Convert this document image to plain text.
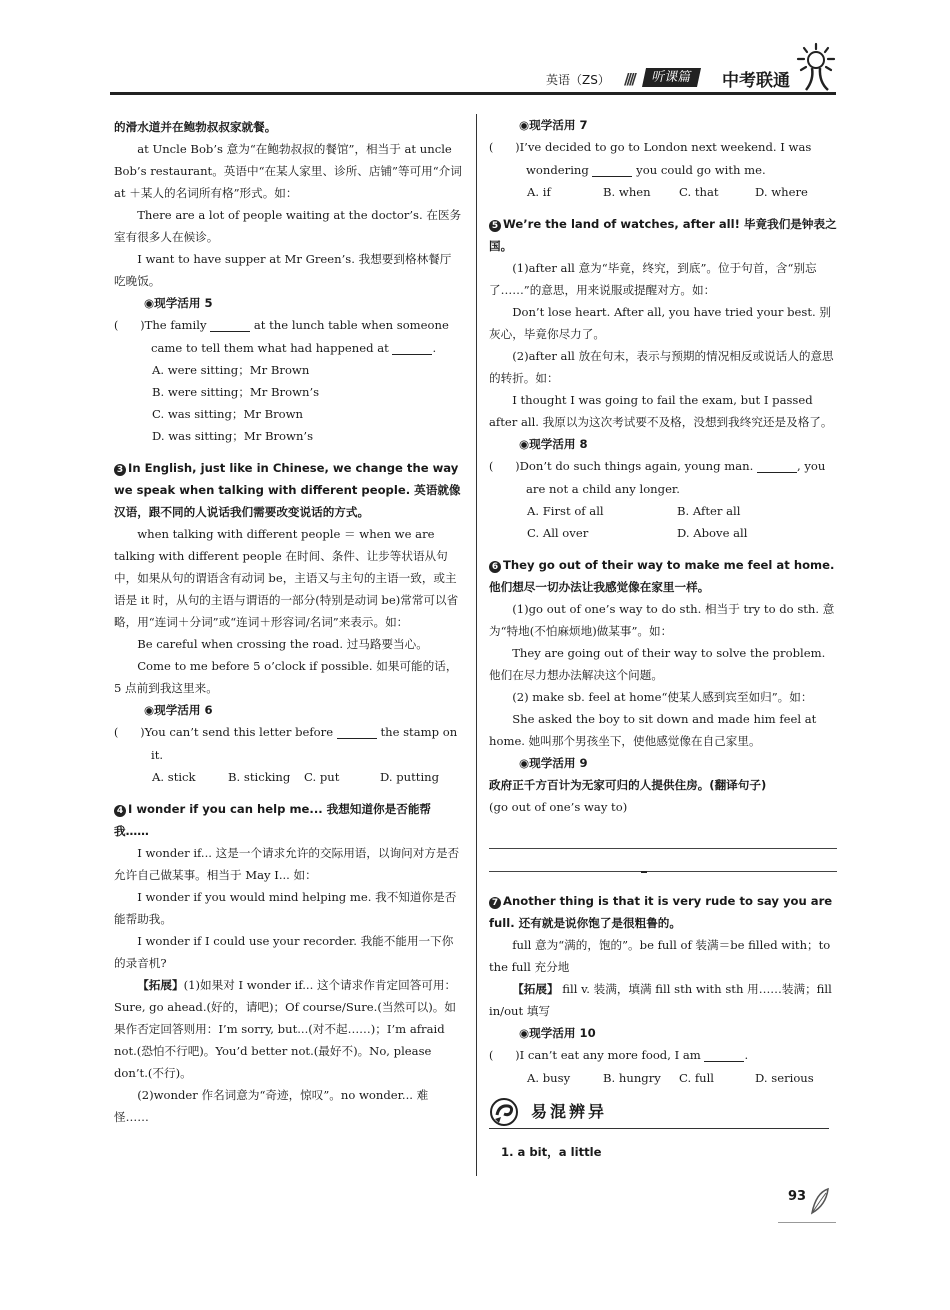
英语（ZS） ////	听课篇	中考联通

的滑水道并在鲍勃叔叔家就餐。

at Uncle Bob’s 意为“在鲍勃叔叔的餐馆”，相当于 at uncle Bob’s restaurant。英语中“在某人家里、诊所、店铺”等可用“介词 at ＋某人的名词所有格”形式。如：

There are a lot of people waiting at the doctor’s. 在医务室有很多人在候诊。

I want to have supper at Mr Green’s. 我想要到格林餐厅吃晚饭。

◉现学活用 5

(　　)The family	at the lunch table when someone came to tell them what had happened at	.

A. were sitting；Mr Brown

B. were sitting；Mr Brown’s

C. was sitting；Mr Brown

D. was sitting；Mr Brown’s

3 In English, just like in Chinese, we change the way we speak when talking with different people. 英语就像汉语，跟不同的人说话我们需要改变说话的方式。

when talking with different people ＝ when we are talking with different people 在时间、条件、让步等状语从句中，如果从句的谓语含有动词 be，主语又与主句的主语一致，或主语是 it 时，从句的主语与谓语的一部分(特别是动词 be)常常可以省略，用“连词＋分词”或“连词＋形容词/名词”来表示。如：

Be careful when crossing the road. 过马路要当心。

Come to me before 5 o’clock if possible. 如果可能的话，5 点前到我这里来。

◉现学活用 6

(　　)You can’t send this letter before	the stamp on it.

A. stick	B. sticking	C. put	D. putting

4 I wonder if you can help me... 我想知道你是否能帮我……

I wonder if... 这是一个请求允许的交际用语，以询问对方是否允许自己做某事。相当于 May I... 如：

I wonder if you would mind helping me. 我不知道你是否能帮助我。

I wonder if I could use your recorder. 我能不能用一下你的录音机?

【拓展】(1)如果对 I wonder if... 这个请求作肯定回答可用：Sure, go ahead.(好的，请吧)；Of course/Sure.(当然可以)。如果作否定回答则用：I’m sorry, but...(对不起……)；I’m afraid not.(恐怕不行吧)。You’d better not.(最好不)。No, please don’t.(不行)。

(2)wonder 作名词意为“奇迹，惊叹”。no wonder... 难怪……

◉现学活用 7

(　　)I’ve decided to go to London next weekend. I was wondering	you could go with me.

A. if	B. when	C. that	D. where

5 We’re the land of watches, after all! 毕竟我们是钟表之国。

(1)after all 意为“毕竟，终究，到底”。位于句首，含“别忘了……”的意思，用来说服或提醒对方。如：

Don’t lose heart. After all, you have tried your best. 别灰心，毕竟你尽力了。

(2)after all 放在句末，表示与预期的情况相反或说话人的意思的转折。如：

I thought I was going to fail the exam, but I passed after all. 我原以为这次考试要不及格，没想到我终究还是及格了。

◉现学活用 8

(　　)Don’t do such things again, young man.	, you are not a child any longer.

A. First of all	B. After all

C. All over	D. Above all

6 They go out of their way to make me feel at home. 他们想尽一切办法让我感觉像在家里一样。

(1)go out of one’s way to do sth. 相当于 try to do sth. 意为“特地(不怕麻烦地)做某事”。如：

They are going out of their way to solve the problem. 他们在尽力想办法解决这个问题。

(2) make sb. feel at home“使某人感到宾至如归”。如：

She asked the boy to sit down and made him feel at home. 她叫那个男孩坐下，使他感觉像在自己家里。

◉现学活用 9

政府正千方百计为无家可归的人提供住房。(翻译句子)

(go out of one’s way to)

7 Another thing is that it is very rude to say you are full. 还有就是说你饱了是很粗鲁的。

full 意为“满的，饱的”。be full of 装满＝be filled with；to the full 充分地

【拓展】 fill v. 装满，填满 fill sth with sth 用……装满；fill in/out 填写

◉现学活用 10

(　　)I can’t eat any more food, I am	.

A. busy	B. hungry	C. full	D. serious

易混辨异

1. a bit，a little

93
